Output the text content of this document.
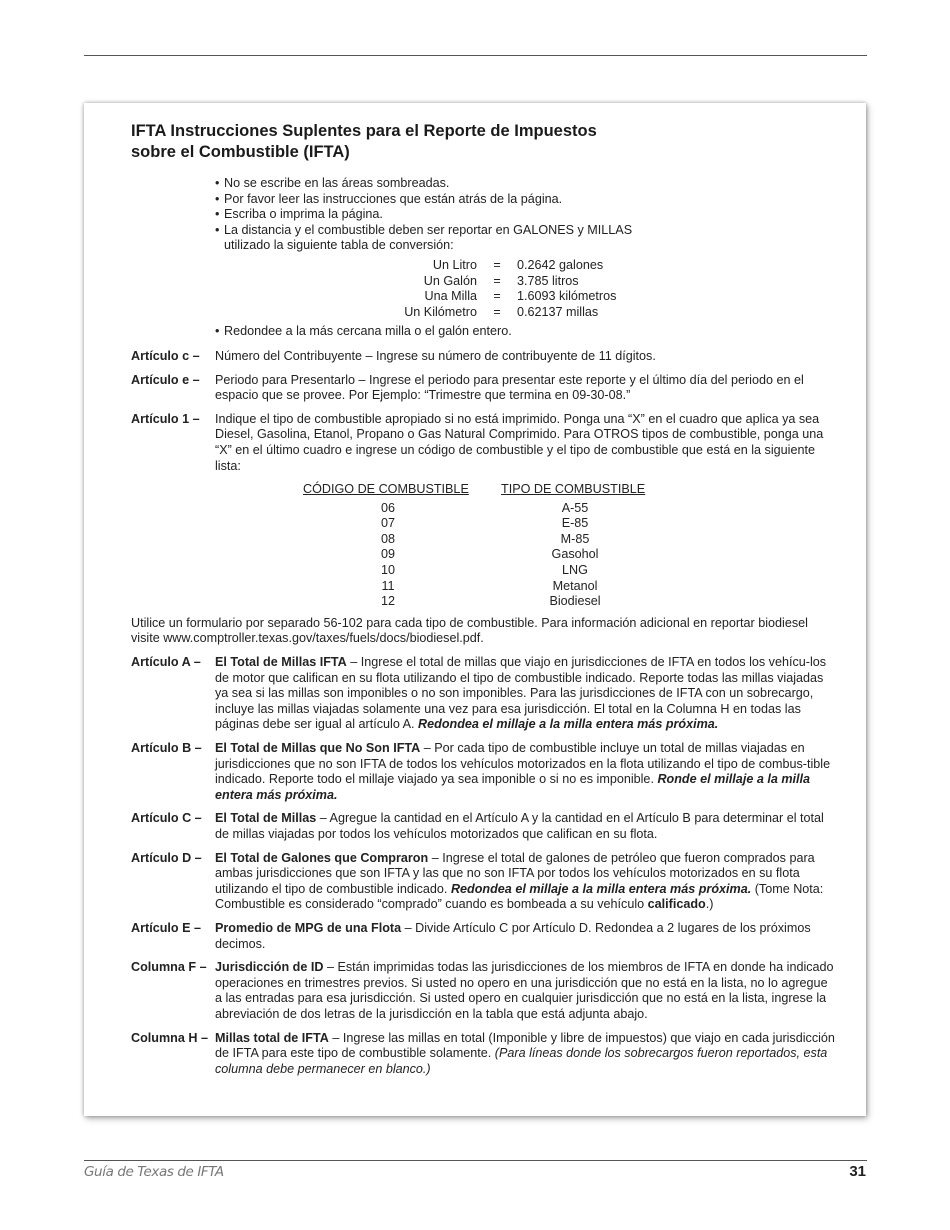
IFTA Instrucciones Suplentes para el Reporte de Impuestos
sobre el Combustible (IFTA)
• No se escribe en las áreas sombreadas.
• Por favor leer las instrucciones que están atrás de la página.
• Escriba o imprima la página.
• La distancia y el combustible deben ser reportar en GALONES y MILLAS
utilizado la siguiente tabla de conversión:
Un Litro	=	0.2642 galones
Un Galón	=	3.785 litros
Una Milla	=	1.6093 kilómetros
Un Kilómetro	=	0.62137 millas
• Redondee a la más cercana milla o el galón entero.
Artículo c –	Número del Contribuyente – Ingrese su número de contribuyente de 11 dígitos.
Artículo e –	Periodo para Presentarlo – Ingrese el periodo para presentar este reporte y el último día del periodo en el espacio que se provee. Por Ejemplo: “Trimestre que termina en 09-30-08.”
Artículo 1 –	Indique el tipo de combustible apropiado si no está imprimido. Ponga una “X” en el cuadro que aplica ya sea Diesel, Gasolina, Etanol, Propano o Gas Natural Comprimido. Para OTROS tipos de combustible, ponga una “X” en el último cuadro e ingrese un código de combustible y el tipo de combustible que está en la siguiente lista:
CÓDIGO DE COMBUSTIBLE	TIPO DE COMBUSTIBLE
06	A-55
07	E-85
08	M-85
09	Gasohol
10	LNG
11	Metanol
12	Biodiesel
Utilice un formulario por separado 56-102 para cada tipo de combustible. Para información adicional en reportar biodiesel visite www.comptroller.texas.gov/taxes/fuels/docs/biodiesel.pdf.
Artículo A –	El Total de Millas IFTA – Ingrese el total de millas que viajo en jurisdicciones de IFTA en todos los vehícu-los de motor que califican en su flota utilizando el tipo de combustible indicado. Reporte todas las millas viajadas ya sea si las millas son imponibles o no son imponibles. Para las jurisdicciones de IFTA con un sobrecargo, incluye las millas viajadas solamente una vez para esa jurisdicción. El total en la Columna H en todas las páginas debe ser igual al artículo A. Redondea el millaje a la milla entera más próxima.
Artículo B –	El Total de Millas que No Son IFTA – Por cada tipo de combustible incluye un total de millas viajadas en jurisdicciones que no son IFTA de todos los vehículos motorizados en la flota utilizando el tipo de combus-tible indicado. Reporte todo el millaje viajado ya sea imponible o si no es imponible. Ronde el millaje a la milla entera más próxima.
Artículo C –	El Total de Millas – Agregue la cantidad en el Artículo A y la cantidad en el Artículo B para determinar el total de millas viajadas por todos los vehículos motorizados que califican en su flota.
Artículo D –	El Total de Galones que Compraron – Ingrese el total de galones de petróleo que fueron comprados para ambas jurisdicciones que son IFTA y las que no son IFTA por todos los vehículos motorizados en su flota utilizando el tipo de combustible indicado. Redondea el millaje a la milla entera más próxima. (Tome Nota: Combustible es considerado “comprado” cuando es bombeada a su vehículo calificado.)
Artículo E –	Promedio de MPG de una Flota – Divide Artículo C por Artículo D. Redondea a 2 lugares de los próximos decimos.
Columna F – Jurisdicción de ID – Están imprimidas todas las jurisdicciones de los miembros de IFTA en donde ha indicado operaciones en trimestres previos. Si usted no opero en una jurisdicción que no está en la lista, no lo agregue a las entradas para esa jurisdicción. Si usted opero en cualquier jurisdicción que no está en la lista, ingrese la abreviación de dos letras de la jurisdicción en la tabla que está adjunta abajo.
Columna H – Millas total de IFTA – Ingrese las millas en total (Imponible y libre de impuestos) que viajo en cada jurisdicción de IFTA para este tipo de combustible solamente. (Para líneas donde los sobrecargos fueron reportados, esta columna debe permanecer en blanco.)
Guía de Texas de IFTA	31
